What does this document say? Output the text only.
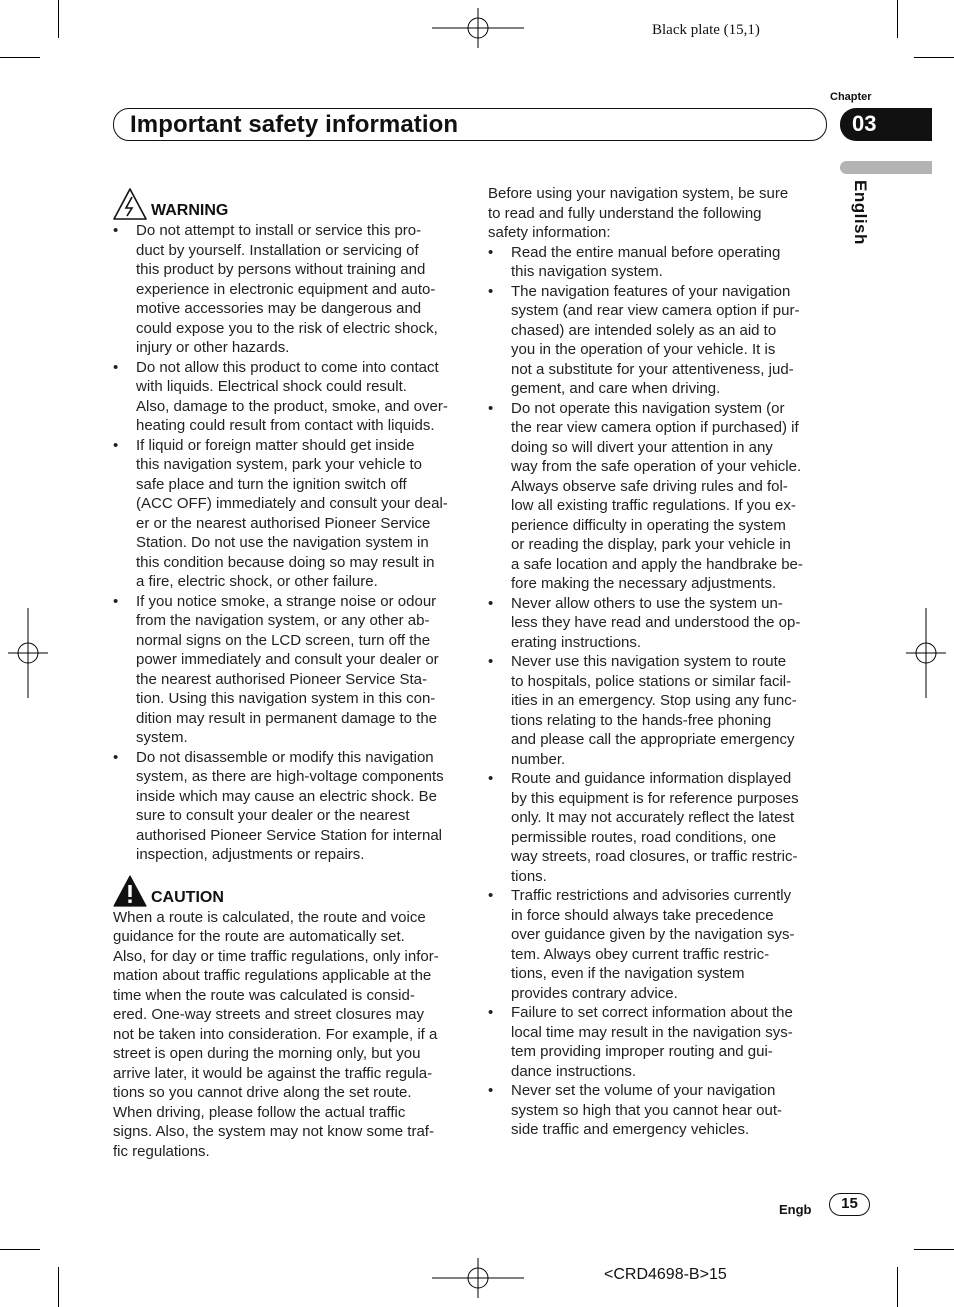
Black plate (15,1)
Chapter
Important safety information	03
English
WARNING
• Do not attempt to install or service this pro-
duct by yourself. Installation or servicing of
this product by persons without training and
experience in electronic equipment and auto-
motive accessories may be dangerous and
could expose you to the risk of electric shock,
injury or other hazards.
• Do not allow this product to come into contact
with liquids. Electrical shock could result.
Also, damage to the product, smoke, and over-
heating could result from contact with liquids.
• If liquid or foreign matter should get inside
this navigation system, park your vehicle to
safe place and turn the ignition switch off
(ACC OFF) immediately and consult your deal-
er or the nearest authorised Pioneer Service
Station. Do not use the navigation system in
this condition because doing so may result in
a fire, electric shock, or other failure.
• If you notice smoke, a strange noise or odour
from the navigation system, or any other ab-
normal signs on the LCD screen, turn off the
power immediately and consult your dealer or
the nearest authorised Pioneer Service Sta-
tion. Using this navigation system in this con-
dition may result in permanent damage to the
system.
• Do not disassemble or modify this navigation
system, as there are high-voltage components
inside which may cause an electric shock. Be
sure to consult your dealer or the nearest
authorised Pioneer Service Station for internal
inspection, adjustments or repairs.
CAUTION

When a route is calculated, the route and voice
guidance for the route are automatically set.
Also, for day or time traffic regulations, only infor-
mation about traffic regulations applicable at the
time when the route was calculated is consid-
ered. One-way streets and street closures may
not be taken into consideration. For example, if a
street is open during the morning only, but you
arrive later, it would be against the traffic regula-
tions so you cannot drive along the set route.
When driving, please follow the actual traffic
signs. Also, the system may not know some traf-
fic regulations.

Before using your navigation system, be sure
to read and fully understand the following
safety information:

• Read the entire manual before operating
this navigation system.
• The navigation features of your navigation
system (and rear view camera option if pur-
chased) are intended solely as an aid to
you in the operation of your vehicle. It is
not a substitute for your attentiveness, jud-
gement, and care when driving.
• Do not operate this navigation system (or
the rear view camera option if purchased) if
doing so will divert your attention in any
way from the safe operation of your vehicle.
Always observe safe driving rules and fol-
low all existing traffic regulations. If you ex-
perience difficulty in operating the system
or reading the display, park your vehicle in
a safe location and apply the handbrake be-
fore making the necessary adjustments.
• Never allow others to use the system un-
less they have read and understood the op-
erating instructions.
• Never use this navigation system to route
to hospitals, police stations or similar facil-
ities in an emergency. Stop using any func-
tions relating to the hands-free phoning
and please call the appropriate emergency
number.
• Route and guidance information displayed
by this equipment is for reference purposes
only. It may not accurately reflect the latest
permissible routes, road conditions, one
way streets, road closures, or traffic restric-
tions.
• Traffic restrictions and advisories currently
in force should always take precedence
over guidance given by the navigation sys-
tem. Always obey current traffic restric-
tions, even if the navigation system
provides contrary advice.
• Failure to set correct information about the
local time may result in the navigation sys-
tem providing improper routing and gui-
dance instructions.
• Never set the volume of your navigation
system so high that you cannot hear out-
side traffic and emergency vehicles.
Engb	15
<CRD4698-B>15
